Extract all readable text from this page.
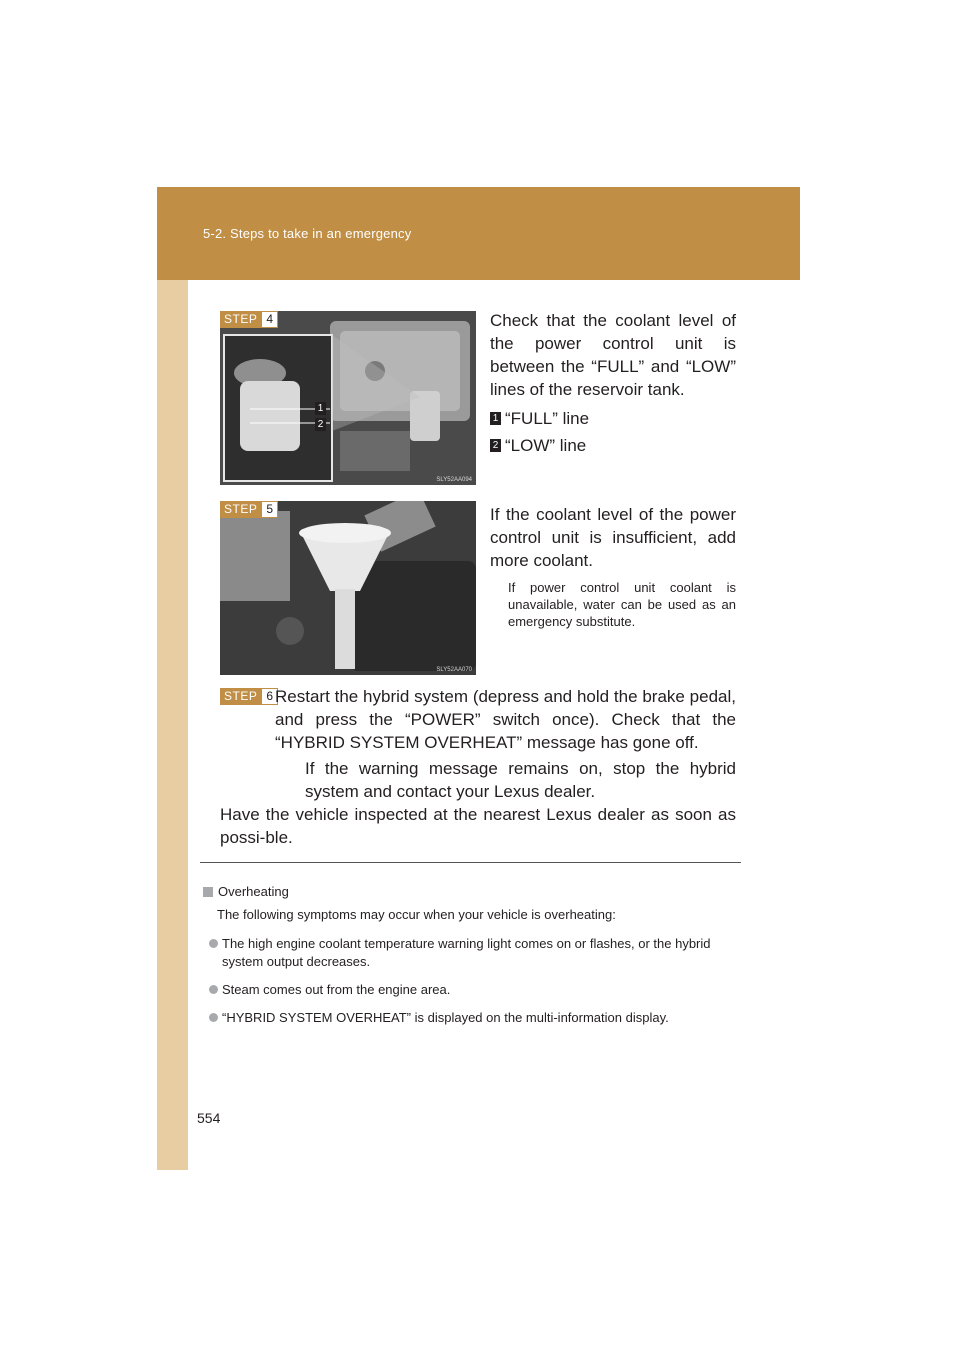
5-2. Steps to take in an emergency
STEP 4
1
2
SLY52AA094
Check that the coolant level of the power control unit is between the “FULL” and “LOW” lines of the reservoir tank.
1 “FULL” line
2 “LOW” line
STEP 5
SLY52AA070
If the coolant level of the power control unit is insufficient, add more coolant.
If power control unit coolant is unavailable, water can be used as an emergency substitute.
STEP 6 Restart the hybrid system (depress and hold the brake pedal, and press the “POWER” switch once). Check that the “HYBRID SYSTEM OVERHEAT” message has gone off.
If the warning message remains on, stop the hybrid system and contact your Lexus dealer.
Have the vehicle inspected at the nearest Lexus dealer as soon as possi-ble.
Overheating
The following symptoms may occur when your vehicle is overheating:
The high engine coolant temperature warning light comes on or flashes, or the hybrid system output decreases.
Steam comes out from the engine area.
“HYBRID SYSTEM OVERHEAT” is displayed on the multi-information display.
554
